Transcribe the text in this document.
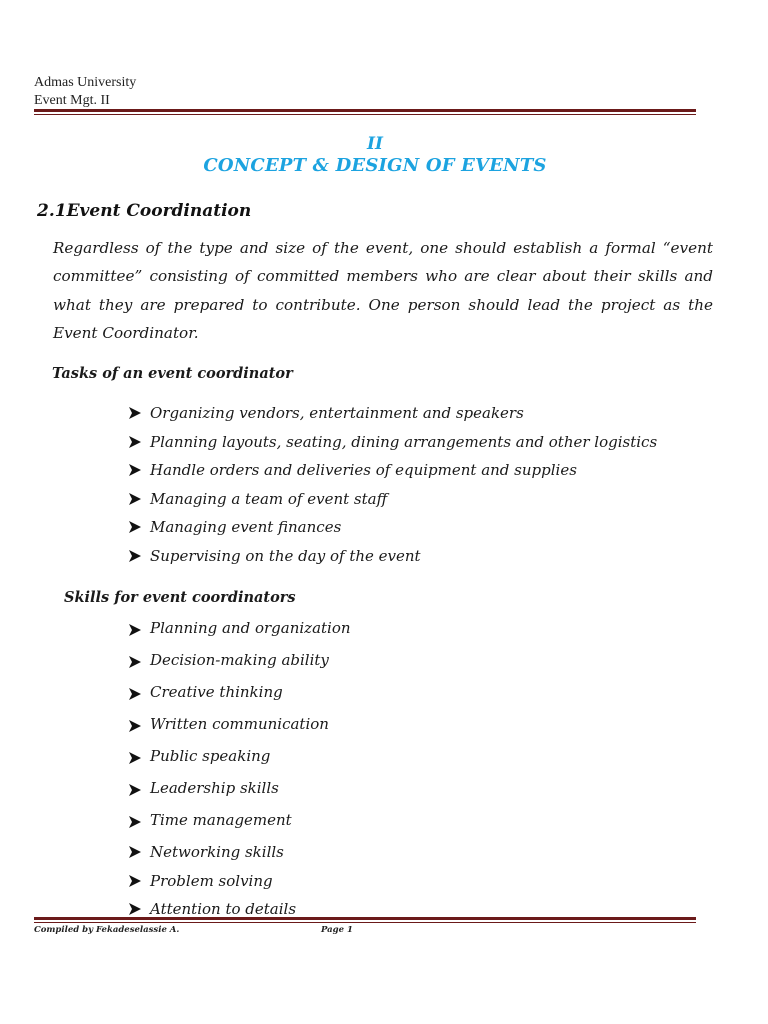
Admas University
Event Mgt. II
II
CONCEPT & DESIGN OF EVENTS
2.1Event Coordination

Regardless of the type and size of the event, one should establish a formal “event committee” consisting of committed members who are clear about their skills and what they are prepared to contribute. One person should lead the project as the Event Coordinator.

Tasks of an event coordinator
Organizing vendors, entertainment and speakers
Planning layouts, seating, dining arrangements and other logistics
Handle orders and deliveries of equipment and supplies
Managing a team of event staff
Managing event finances
Supervising on the day of the event
Skills for event coordinators
Planning and organization
Decision-making ability
Creative thinking
Written communication
Public speaking
Leadership skills
Time management
Networking skills
Problem solving
Attention to details
Compiled by Fekadeselassie A.	Page 1
